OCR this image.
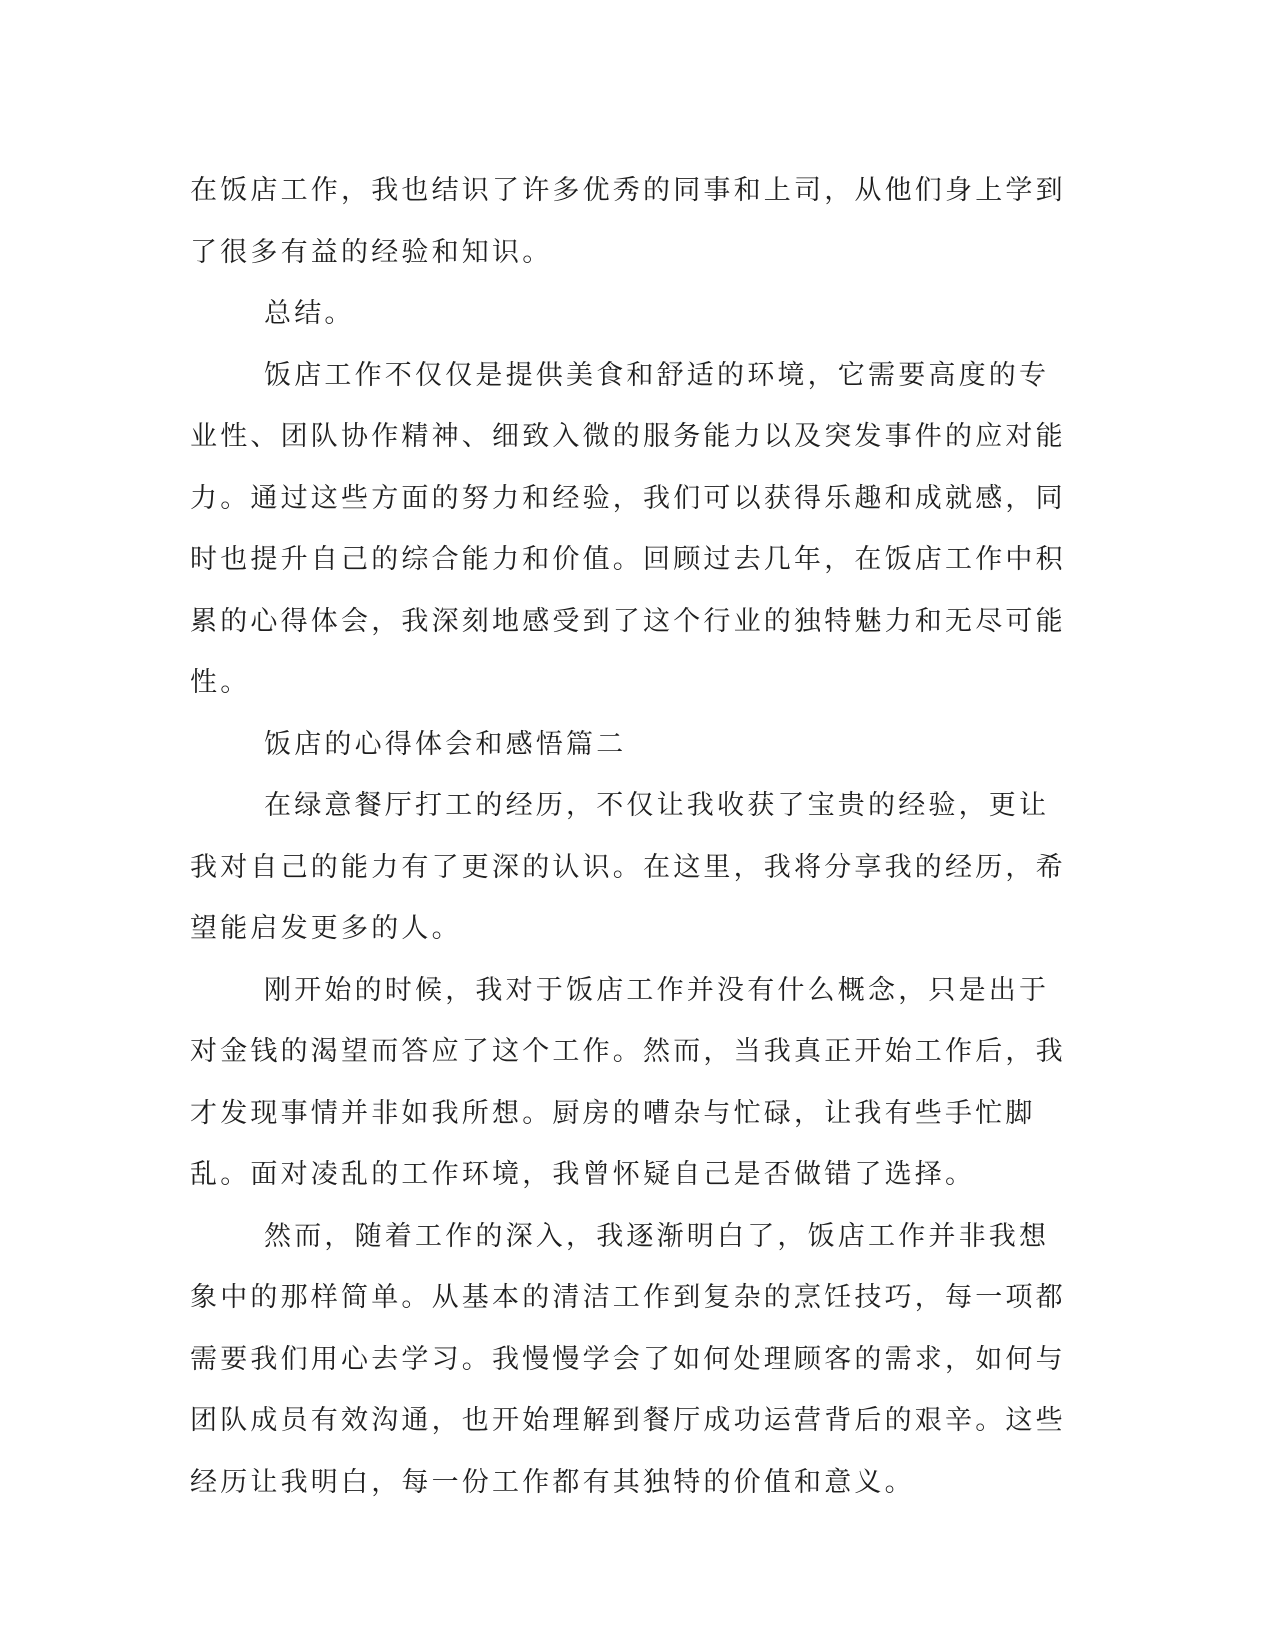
在饭店工作，我也结识了许多优秀的同事和上司，从他们身上学到了很多有益的经验和知识。

总结。

饭店工作不仅仅是提供美食和舒适的环境，它需要高度的专业性、团队协作精神、细致入微的服务能力以及突发事件的应对能力。通过这些方面的努力和经验，我们可以获得乐趣和成就感，同时也提升自己的综合能力和价值。回顾过去几年，在饭店工作中积累的心得体会，我深刻地感受到了这个行业的独特魅力和无尽可能性。

饭店的心得体会和感悟篇二

在绿意餐厅打工的经历，不仅让我收获了宝贵的经验，更让我对自己的能力有了更深的认识。在这里，我将分享我的经历，希望能启发更多的人。

刚开始的时候，我对于饭店工作并没有什么概念，只是出于对金钱的渴望而答应了这个工作。然而，当我真正开始工作后，我才发现事情并非如我所想。厨房的嘈杂与忙碌，让我有些手忙脚乱。面对凌乱的工作环境，我曾怀疑自己是否做错了选择。

然而，随着工作的深入，我逐渐明白了，饭店工作并非我想象中的那样简单。从基本的清洁工作到复杂的烹饪技巧，每一项都需要我们用心去学习。我慢慢学会了如何处理顾客的需求，如何与团队成员有效沟通，也开始理解到餐厅成功运营背后的艰辛。这些经历让我明白，每一份工作都有其独特的价值和意义。
